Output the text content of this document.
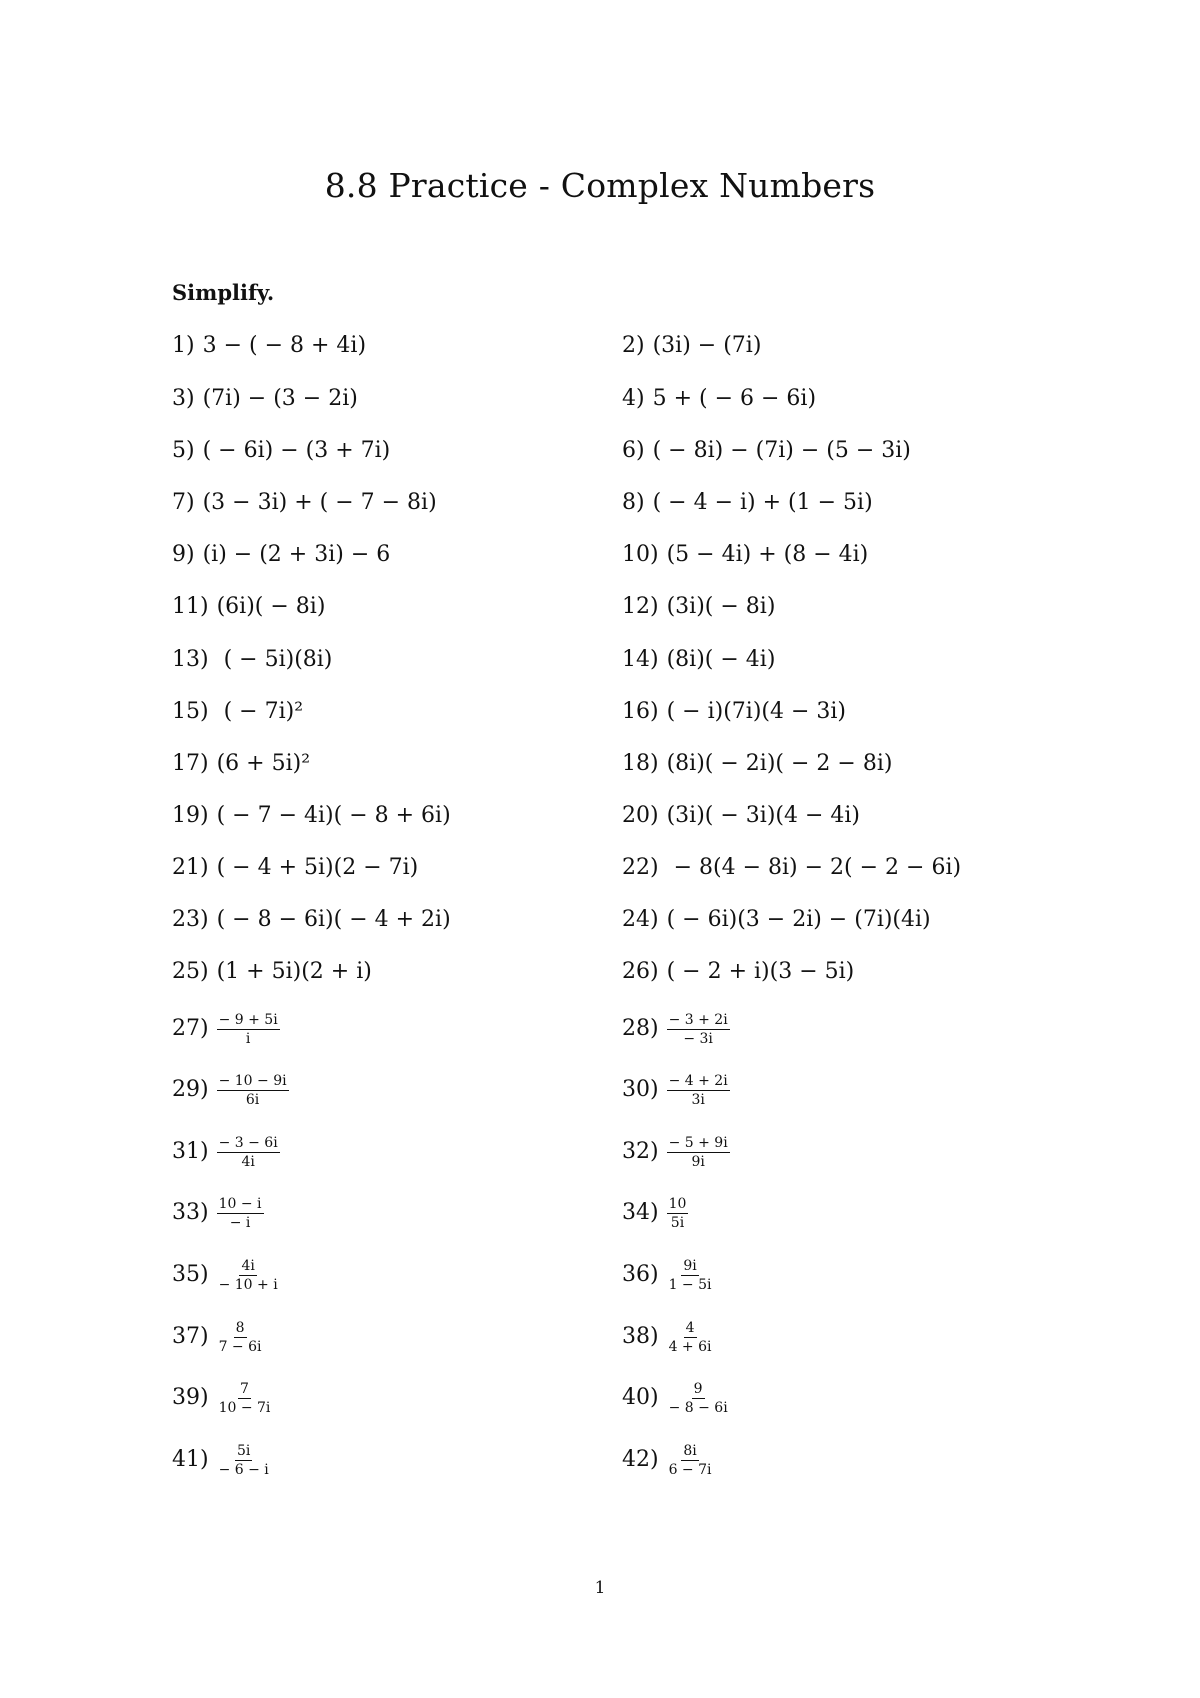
8.8 Practice - Complex Numbers
Simplify.
1) 3 − ( − 8 + 4i)	2) (3i) − (7i)
3) (7i) − (3 − 2i)	4) 5 + ( − 6 − 6i)
5) ( − 6i) − (3 + 7i)	6) ( − 8i) − (7i) − (5 − 3i)
7) (3 − 3i) + ( − 7 − 8i)	8) ( − 4 − i) + (1 − 5i)
9) (i) − (2 + 3i) − 6	10) (5 − 4i) + (8 − 4i)
11) (6i)( − 8i)	12) (3i)( − 8i)
13) ( − 5i)(8i)	14) (8i)( − 4i)
15) ( − 7i)²	16) ( − i)(7i)(4 − 3i)
17) (6 + 5i)²	18) (8i)( − 2i)( − 2 − 8i)
19) ( − 7 − 4i)( − 8 + 6i)	20) (3i)( − 3i)(4 − 4i)
21) ( − 4 + 5i)(2 − 7i)	22) − 8(4 − 8i) − 2( − 2 − 6i)
23) ( − 8 − 6i)( − 4 + 2i)	24) ( − 6i)(3 − 2i) − (7i)(4i)
25) (1 + 5i)(2 + i)	26) ( − 2 + i)(3 − 5i)
$27) \frac{- 9 + 5i}{i}$	$28) \frac{- 3 + 2i}{- 3i}$
$29) \frac{- 10 - 9i}{6i}$	$30) \frac{- 4 + 2i}{3i}$
$31) \frac{- 3 - 6i}{4i}$	$32) \frac{- 5 + 9i}{9i}$
$33) \frac{10 - i}{- i}$	$34) \frac{10}{5i}$
$35) \frac{4i}{- 10 + i}$	$36) \frac{9i}{1 - 5i}$
$37) \frac{8}{7 - 6i}$	$38) \frac{4}{4 + 6i}$
$39) \frac{7}{10 - 7i}$	$40) \frac{9}{- 8 - 6i}$
$41) \frac{5i}{- 6 - i}$	$42) \frac{8i}{6 - 7i}$
1
